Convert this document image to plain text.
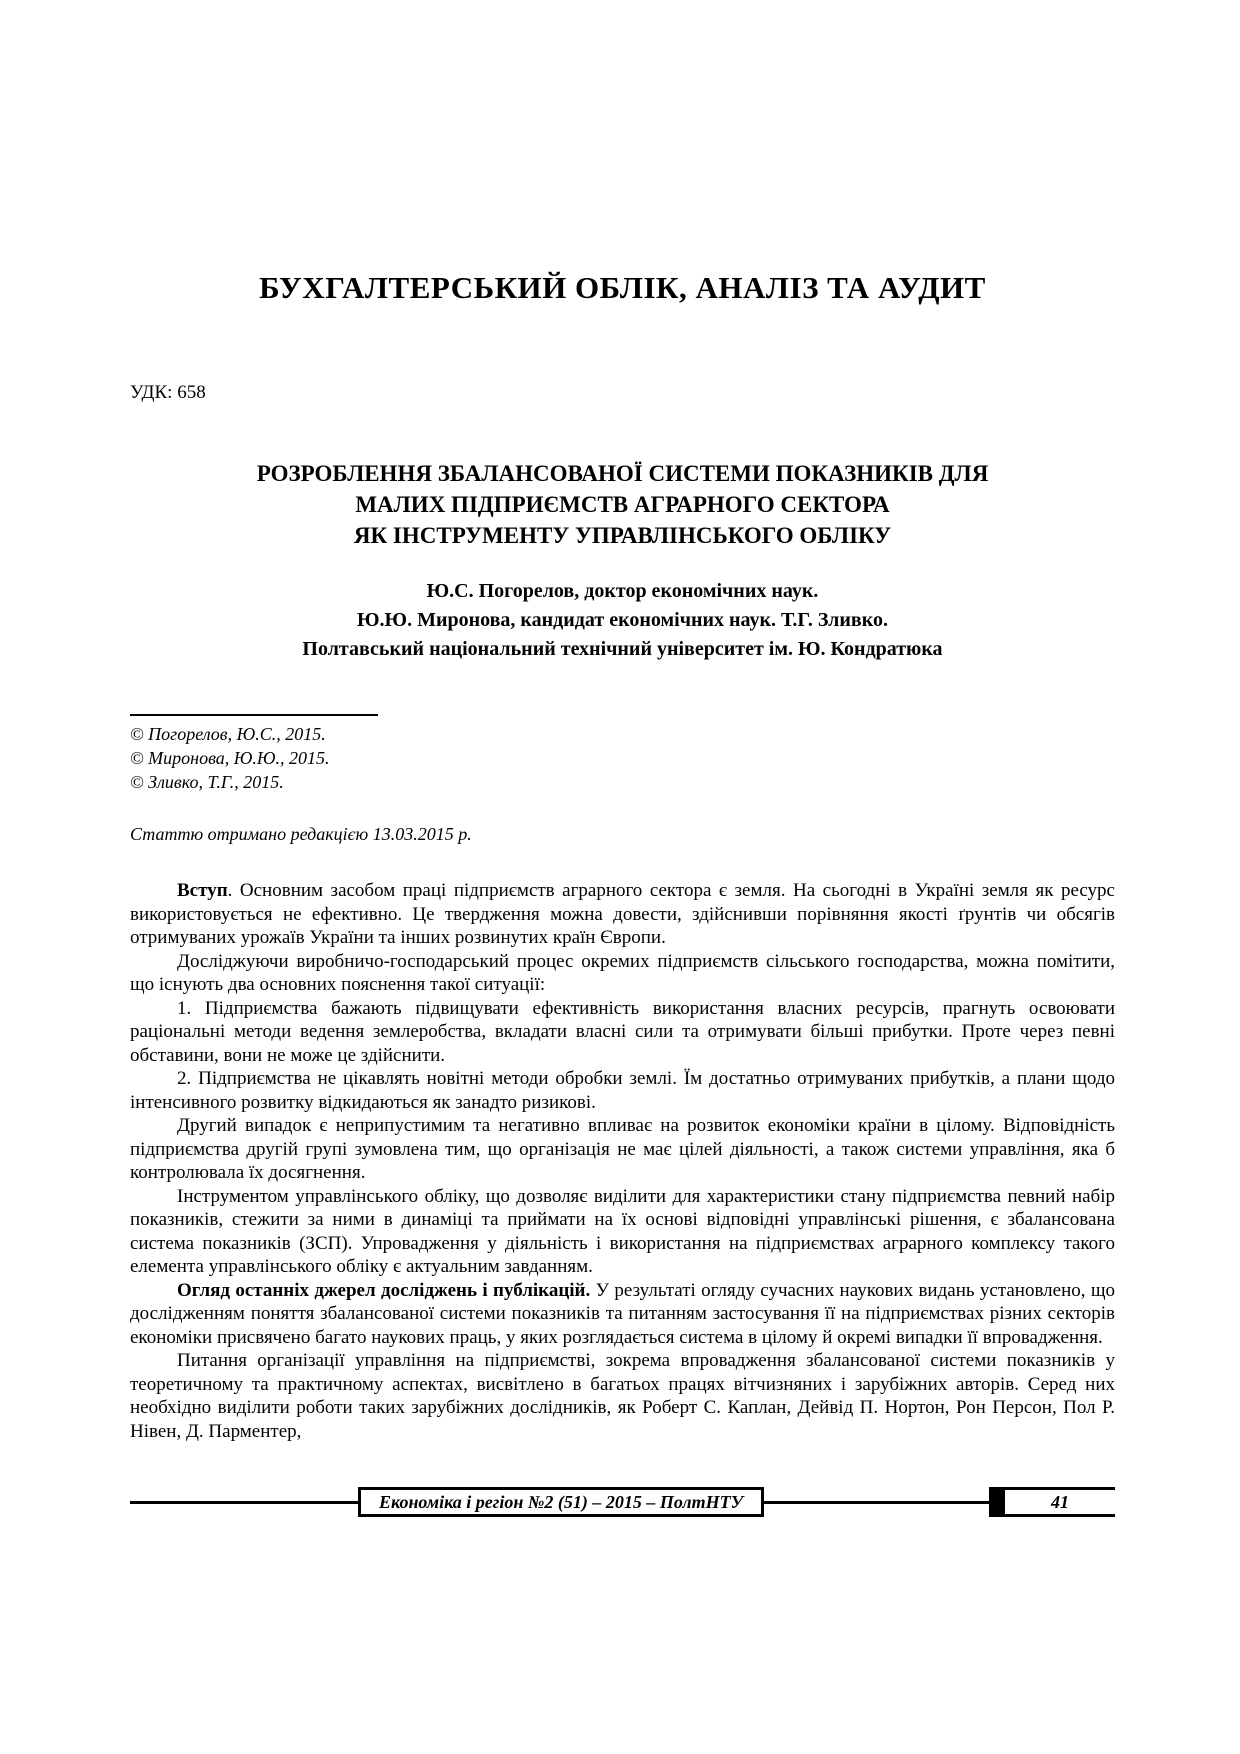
БУХГАЛТЕРСЬКИЙ ОБЛІК, АНАЛІЗ ТА АУДИТ
УДК: 658
РОЗРОБЛЕННЯ ЗБАЛАНСОВАНОЇ СИСТЕМИ ПОКАЗНИКІВ ДЛЯ
МАЛИХ ПІДПРИЄМСТВ АГРАРНОГО СЕКТОРА
ЯК ІНСТРУМЕНТУ УПРАВЛІНСЬКОГО ОБЛІКУ
Ю.С. Погорелов, доктор економічних наук.
Ю.Ю. Миронова, кандидат економічних наук. Т.Г. Зливко.
Полтавський національний технічний університет ім. Ю. Кондратюка
© Погорелов, Ю.С., 2015.
© Миронова, Ю.Ю., 2015.
© Зливко, Т.Г., 2015.

Статтю отримано редакцією 13.03.2015 р.

Вступ. Основним засобом праці підприємств аграрного сектора є земля. На сьогодні в Україні земля як ресурс використовується не ефективно. Це твердження можна довести, здійснивши порівняння якості ґрунтів чи обсягів отримуваних урожаїв України та інших розвинутих країн Європи.

Досліджуючи виробничо-господарський процес окремих підприємств сільського господарства, можна помітити, що існують два основних пояснення такої ситуації:

1. Підприємства бажають підвищувати ефективність використання власних ресурсів, прагнуть освоювати раціональні методи ведення землеробства, вкладати власні сили та отримувати більші прибутки. Проте через певні обставини, вони не може це здійснити.

2. Підприємства не цікавлять новітні методи обробки землі. Їм достатньо отримуваних прибутків, а плани щодо інтенсивного розвитку відкидаються як занадто ризикові.

Другий випадок є неприпустимим та негативно впливає на розвиток економіки країни в цілому. Відповідність підприємства другій групі зумовлена тим, що організація не має цілей діяльності, а також системи управління, яка б контролювала їх досягнення.

Інструментом управлінського обліку, що дозволяє виділити для характеристики стану підприємства певний набір показників, стежити за ними в динаміці та приймати на їх основі відповідні управлінські рішення, є збалансована система показників (ЗСП). Упровадження у діяльність і використання на підприємствах аграрного комплексу такого елемента управлінського обліку є актуальним завданням.

Огляд останніх джерел досліджень і публікацій. У результаті огляду сучасних наукових видань установлено, що дослідженням поняття збалансованої системи показників та питанням застосування її на підприємствах різних секторів економіки присвячено багато наукових праць, у яких розглядається система в цілому й окремі випадки її впровадження.

Питання організації управління на підприємстві, зокрема впровадження збалансованої системи показників у теоретичному та практичному аспектах, висвітлено в багатьох працях вітчизняних і зарубіжних авторів. Серед них необхідно виділити роботи таких зарубіжних дослідників, як Роберт С. Каплан, Дейвід П. Нортон, Рон Персон, Пол Р. Нівен, Д. Парментер,

Економіка і регіон №2 (51) – 2015 – ПолтНТУ	41
